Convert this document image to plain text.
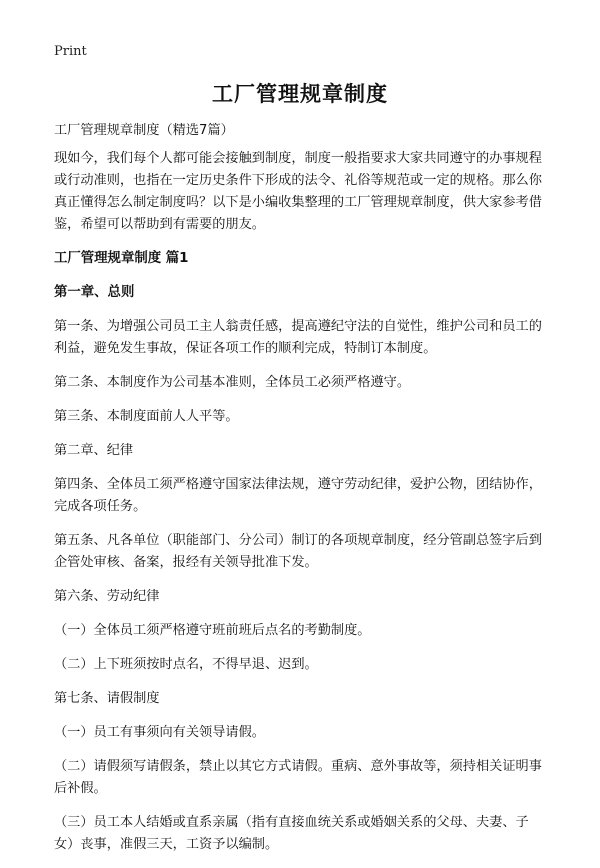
Print
工厂管理规章制度

工厂管理规章制度（精选7篇）

现如今，我们每个人都可能会接触到制度，制度一般指要求大家共同遵守的办事规程或行动准则，也指在一定历史条件下形成的法令、礼俗等规范或一定的规格。那么你真正懂得怎么制定制度吗？以下是小编收集整理的工厂管理规章制度，供大家参考借鉴，希望可以帮助到有需要的朋友。

工厂管理规章制度 篇1

第一章、总则

第一条、为增强公司员工主人翁责任感，提高遵纪守法的自觉性，维护公司和员工的利益，避免发生事故，保证各项工作的顺利完成，特制订本制度。

第二条、本制度作为公司基本准则，全体员工必须严格遵守。

第三条、本制度面前人人平等。

第二章、纪律

第四条、全体员工须严格遵守国家法律法规，遵守劳动纪律，爱护公物，团结协作，完成各项任务。

第五条、凡各单位（职能部门、分公司）制订的各项规章制度，经分管副总签字后到企管处审核、备案，报经有关领导批准下发。

第六条、劳动纪律

（一）全体员工须严格遵守班前班后点名的考勤制度。

（二）上下班须按时点名，不得早退、迟到。

第七条、请假制度

（一）员工有事须向有关领导请假。

（二）请假须写请假条，禁止以其它方式请假。重病、意外事故等，须持相关证明事后补假。

（三）员工本人结婚或直系亲属（指有直接血统关系或婚姻关系的父母、夫妻、子女）丧事，准假三天，工资予以编制。
